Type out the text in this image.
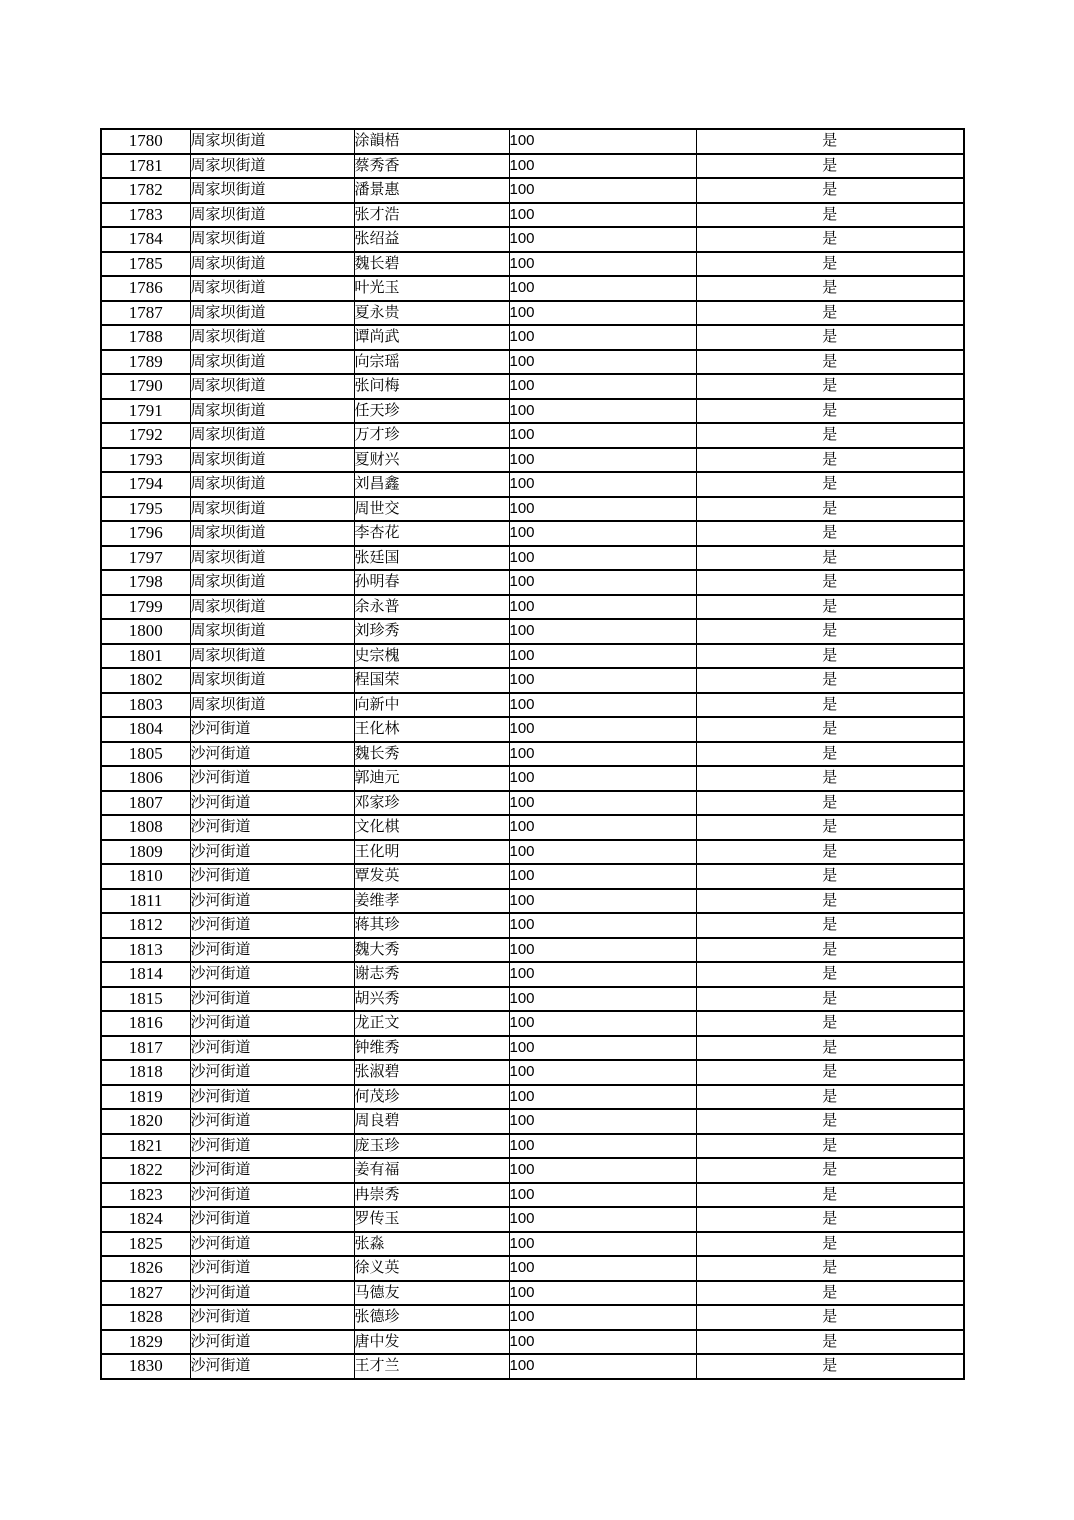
1780	周家坝街道	涂韻梧	100	是
1781	周家坝街道	蔡秀香	100	是
1782	周家坝街道	潘景惠	100	是
1783	周家坝街道	张才浩	100	是
1784	周家坝街道	张绍益	100	是
1785	周家坝街道	魏长碧	100	是
1786	周家坝街道	叶光玉	100	是
1787	周家坝街道	夏永贵	100	是
1788	周家坝街道	谭尚武	100	是
1789	周家坝街道	向宗瑶	100	是
1790	周家坝街道	张问梅	100	是
1791	周家坝街道	任天珍	100	是
1792	周家坝街道	万才珍	100	是
1793	周家坝街道	夏财兴	100	是
1794	周家坝街道	刘昌鑫	100	是
1795	周家坝街道	周世交	100	是
1796	周家坝街道	李杏花	100	是
1797	周家坝街道	张廷国	100	是
1798	周家坝街道	孙明春	100	是
1799	周家坝街道	余永普	100	是
1800	周家坝街道	刘珍秀	100	是
1801	周家坝街道	史宗槐	100	是
1802	周家坝街道	程国荣	100	是
1803	周家坝街道	向新中	100	是
1804	沙河街道	王化林	100	是
1805	沙河街道	魏长秀	100	是
1806	沙河街道	郭迪元	100	是
1807	沙河街道	邓家珍	100	是
1808	沙河街道	文化棋	100	是
1809	沙河街道	王化明	100	是
1810	沙河街道	覃发英	100	是
1811	沙河街道	姜维孝	100	是
1812	沙河街道	蒋其珍	100	是
1813	沙河街道	魏大秀	100	是
1814	沙河街道	谢志秀	100	是
1815	沙河街道	胡兴秀	100	是
1816	沙河街道	龙正文	100	是
1817	沙河街道	钟维秀	100	是
1818	沙河街道	张淑碧	100	是
1819	沙河街道	何茂珍	100	是
1820	沙河街道	周良碧	100	是
1821	沙河街道	庞玉珍	100	是
1822	沙河街道	姜有福	100	是
1823	沙河街道	冉崇秀	100	是
1824	沙河街道	罗传玉	100	是
1825	沙河街道	张淼	100	是
1826	沙河街道	徐义英	100	是
1827	沙河街道	马德友	100	是
1828	沙河街道	张德珍	100	是
1829	沙河街道	唐中发	100	是
1830	沙河街道	王才兰	100	是
